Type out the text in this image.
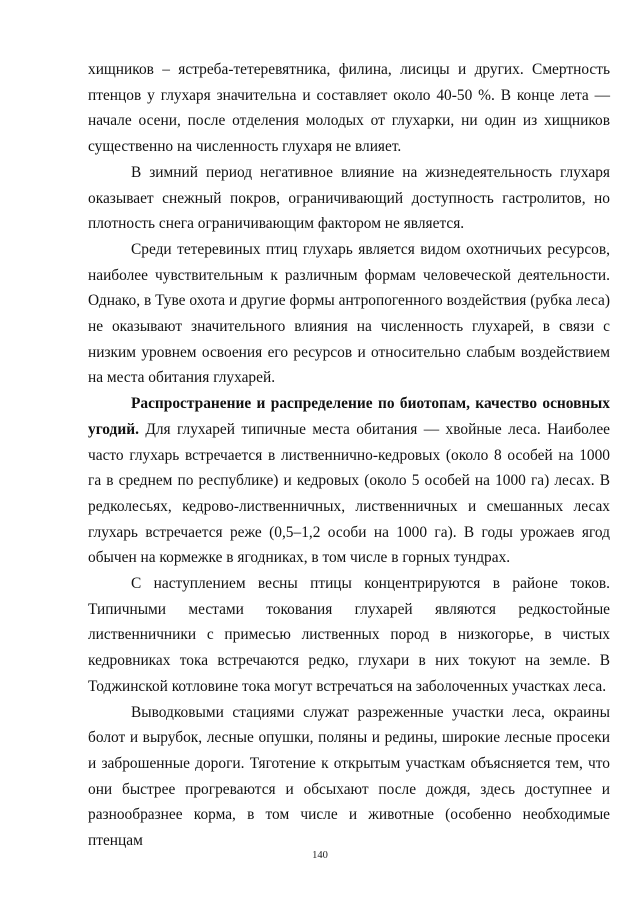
хищников – ястреба-тетеревятника, филина, лисицы и других. Смертность птенцов у глухаря значительна и составляет около 40-50 %. В конце лета — начале осени, после отделения молодых от глухарки, ни один из хищников существенно на численность глухаря не влияет.

В зимний период негативное влияние на жизнедеятельность глухаря оказывает снежный покров, ограничивающий доступность гастролитов, но плотность снега ограничивающим фактором не является.

Среди тетеревиных птиц глухарь является видом охотничьих ресурсов, наиболее чувствительным к различным формам человеческой деятельности. Однако, в Туве охота и другие формы антропогенного воздействия (рубка леса) не оказывают значительного влияния на численность глухарей, в связи с низким уровнем освоения его ресурсов и относительно слабым воздействием на места обитания глухарей.

Распространение и распределение по биотопам, качество основных угодий. Для глухарей типичные места обитания — хвойные леса. Наиболее часто глухарь встречается в лиственнично-кедровых (около 8 особей на 1000 га в среднем по республике) и кедровых (около 5 особей на 1000 га) лесах. В редколесьях, кедрово-лиственничных, лиственничных и смешанных лесах глухарь встречается реже (0,5–1,2 особи на 1000 га). В годы урожаев ягод обычен на кормежке в ягодниках, в том числе в горных тундрах.

С наступлением весны птицы концентрируются в районе токов. Типичными местами токования глухарей являются редкостойные лиственничники с примесью лиственных пород в низкогорье, в чистых кедровниках тока встречаются редко, глухари в них токуют на земле. В Тоджинской котловине тока могут встречаться на заболоченных участках леса.

Выводковыми стациями служат разреженные участки леса, окраины болот и вырубок, лесные опушки, поляны и редины, широкие лесные просеки и заброшенные дороги. Тяготение к открытым участкам объясняется тем, что они быстрее прогреваются и обсыхают после дождя, здесь доступнее и разнообразнее корма, в том числе и животные (особенно необходимые птенцам

140
